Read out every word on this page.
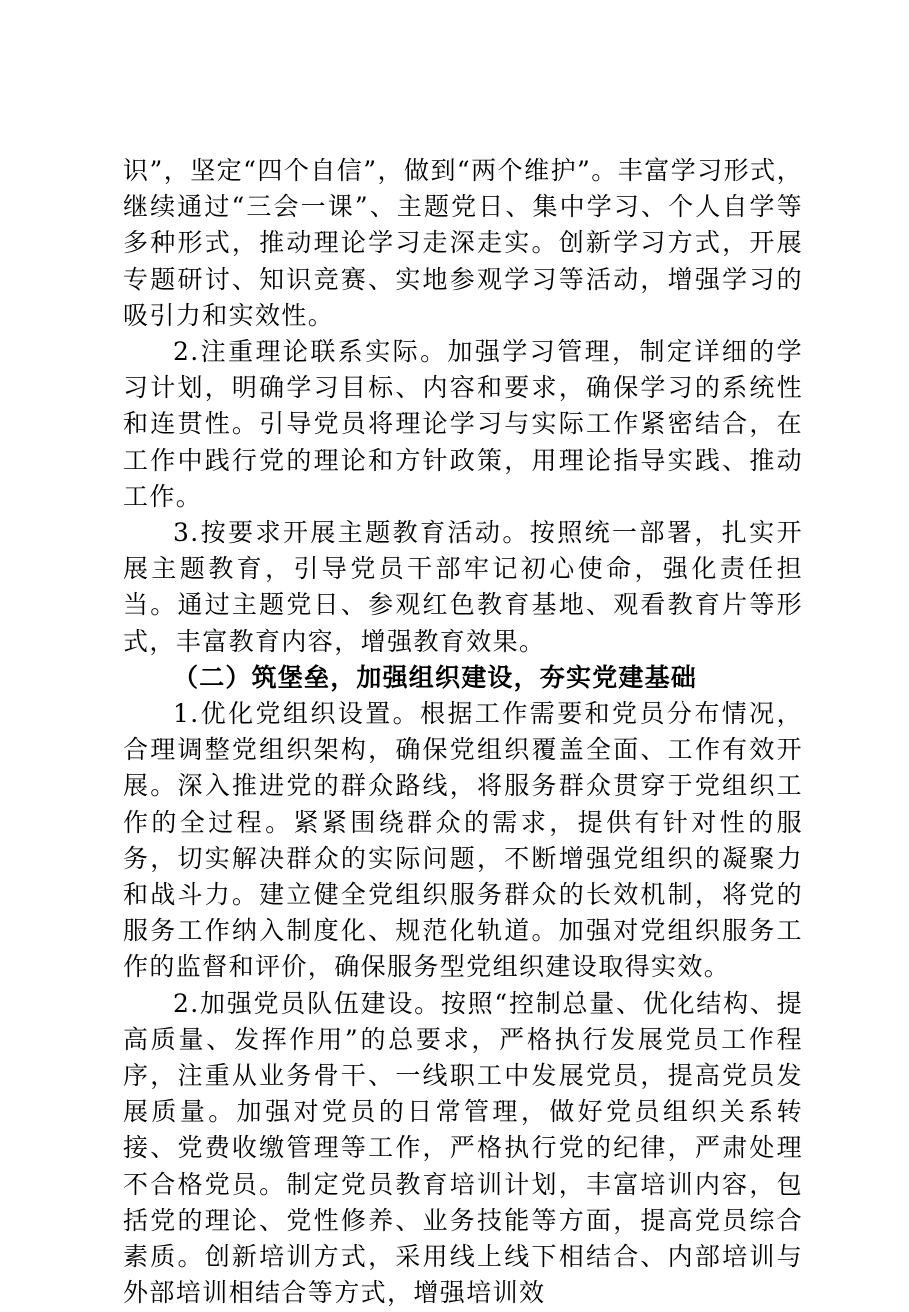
识”，坚定“四个自信”，做到“两个维护”。丰富学习形式，继续通过“三会一课”、主题党日、集中学习、个人自学等多种形式，推动理论学习走深走实。创新学习方式，开展专题研讨、知识竞赛、实地参观学习等活动，增强学习的吸引力和实效性。

2.注重理论联系实际。加强学习管理，制定详细的学习计划，明确学习目标、内容和要求，确保学习的系统性和连贯性。引导党员将理论学习与实际工作紧密结合，在工作中践行党的理论和方针政策，用理论指导实践、推动工作。

3.按要求开展主题教育活动。按照统一部署，扎实开展主题教育，引导党员干部牢记初心使命，强化责任担当。通过主题党日、参观红色教育基地、观看教育片等形式，丰富教育内容，增强教育效果。

（二）筑堡垒，加强组织建设，夯实党建基础

1.优化党组织设置。根据工作需要和党员分布情况，合理调整党组织架构，确保党组织覆盖全面、工作有效开展。深入推进党的群众路线，将服务群众贯穿于党组织工作的全过程。紧紧围绕群众的需求，提供有针对性的服务，切实解决群众的实际问题，不断增强党组织的凝聚力和战斗力。建立健全党组织服务群众的长效机制，将党的服务工作纳入制度化、规范化轨道。加强对党组织服务工作的监督和评价，确保服务型党组织建设取得实效。

2.加强党员队伍建设。按照“控制总量、优化结构、提高质量、发挥作用”的总要求，严格执行发展党员工作程序，注重从业务骨干、一线职工中发展党员，提高党员发展质量。加强对党员的日常管理，做好党员组织关系转接、党费收缴管理等工作，严格执行党的纪律，严肃处理不合格党员。制定党员教育培训计划，丰富培训内容，包括党的理论、党性修养、业务技能等方面，提高党员综合素质。创新培训方式，采用线上线下相结合、内部培训与外部培训相结合等方式，增强培训效
